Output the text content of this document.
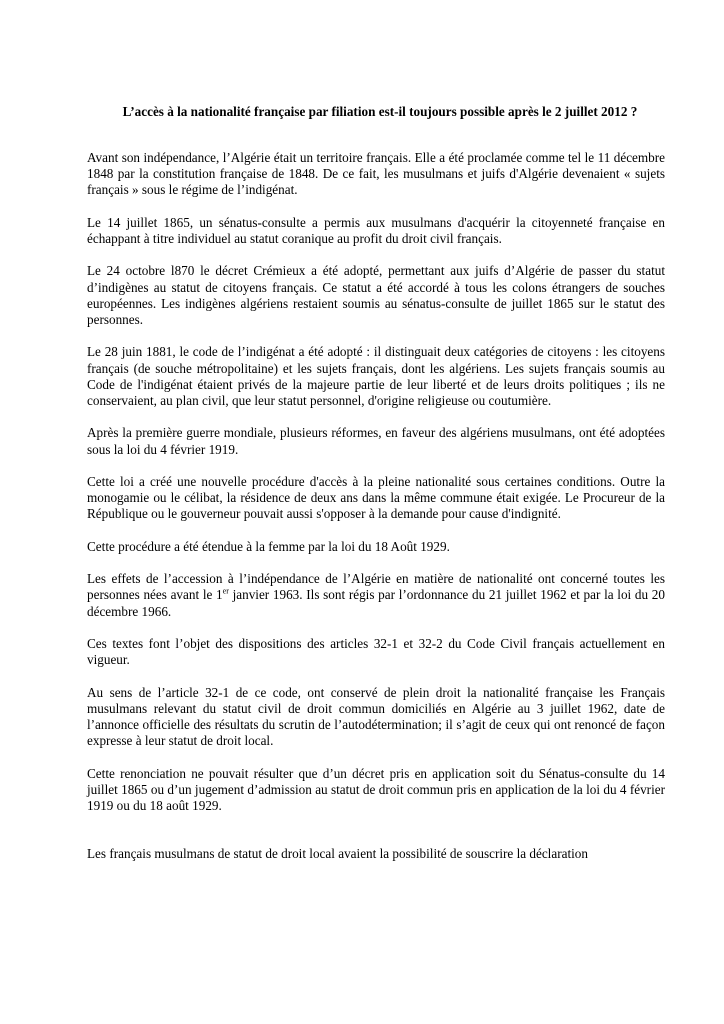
L’accès à la nationalité française par filiation est-il toujours possible après le 2 juillet 2012 ?

Avant son indépendance, l’Algérie était un territoire français. Elle a été proclamée comme tel le 11 décembre 1848 par la constitution française de 1848. De ce fait, les musulmans et juifs d'Algérie devenaient « sujets français » sous le régime de l’indigénat.

Le 14 juillet 1865, un sénatus-consulte a permis aux musulmans d'acquérir la citoyenneté française en échappant à titre individuel au statut coranique au profit du droit civil français.

Le 24 octobre l870 le décret Crémieux a été adopté, permettant aux juifs d’Algérie de passer du statut d’indigènes au statut de citoyens français. Ce statut a été accordé à tous les colons étrangers de souches européennes. Les indigènes algériens restaient soumis au sénatus-consulte de juillet 1865 sur le statut des personnes.

Le 28 juin 1881, le code de l’indigénat a été adopté : il distinguait deux catégories de citoyens : les citoyens français (de souche métropolitaine) et les sujets français, dont les algériens. Les sujets français soumis au Code de l'indigénat étaient privés de la majeure partie de leur liberté et de leurs droits politiques ; ils ne conservaient, au plan civil, que leur statut personnel, d'origine religieuse ou coutumière.

Après la première guerre mondiale, plusieurs réformes, en faveur des algériens musulmans, ont été adoptées sous la loi du 4 février 1919.

Cette loi a créé une nouvelle procédure d'accès à la pleine nationalité sous certaines conditions. Outre la monogamie ou le célibat, la résidence de deux ans dans la même commune était exigée. Le Procureur de la République ou le gouverneur pouvait aussi s'opposer à la demande pour cause d'indignité.

Cette procédure a été étendue à la femme par la loi du 18 Août 1929.

Les effets de l’accession à l’indépendance de l’Algérie en matière de nationalité ont concerné toutes les personnes nées avant le 1er janvier 1963. Ils sont régis par l’ordonnance du 21 juillet 1962 et par la loi du 20 décembre 1966.

Ces textes font l’objet des dispositions des articles 32-1 et 32-2 du Code Civil français actuellement en vigueur.

Au sens de l’article 32-1 de ce code, ont conservé de plein droit la nationalité française les Français musulmans relevant du statut civil de droit commun domiciliés en Algérie au 3 juillet 1962, date de l’annonce officielle des résultats du scrutin de l’autodétermination; il s’agit de ceux qui ont renoncé de façon expresse à leur statut de droit local.

Cette renonciation ne pouvait résulter que d’un décret pris en application soit du Sénatus-consulte du 14 juillet 1865 ou d’un jugement d’admission au statut de droit commun pris en application de la loi du 4 février 1919 ou du 18 août 1929.

Les français musulmans de statut de droit local avaient la possibilité de souscrire la déclaration
